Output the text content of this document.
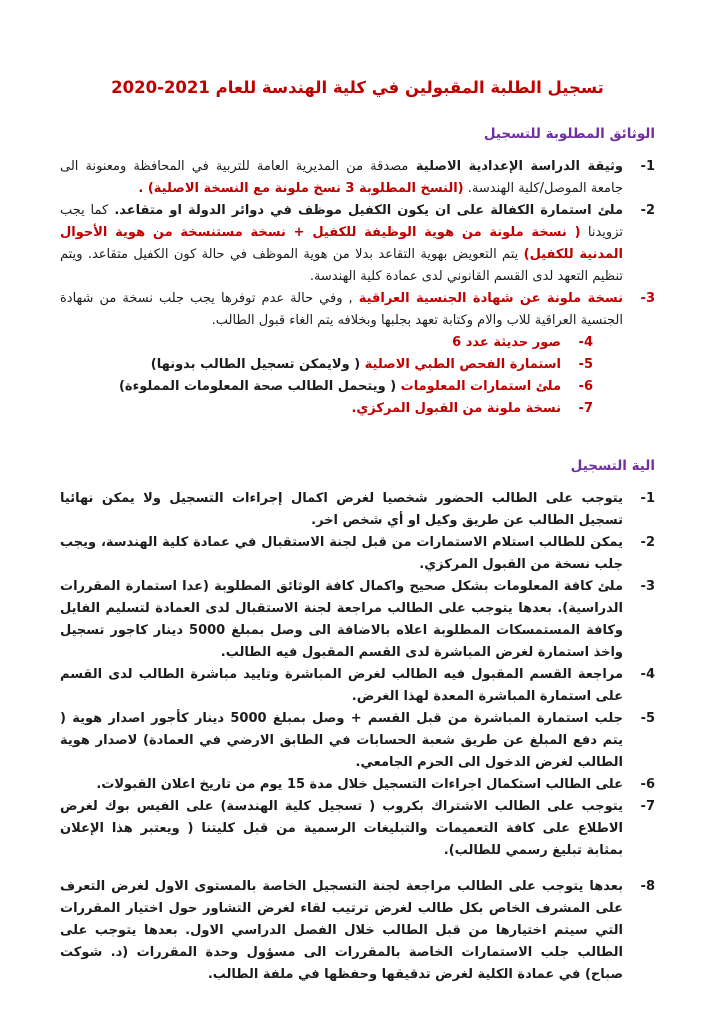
تسجيل الطلبة المقبولين في كلية الهندسة للعام 2021-2020
الوثائق المطلوبة للتسجيل
1-وثيقة الدراسة الإعدادية الاصلية مصدقة من المديرية العامة للتربية في المحافظة ومعنونة الى جامعة الموصل/كلية الهندسة. (النسخ المطلوبة 3 نسخ ملونة مع النسخة الاصلية) .
2-ملئ استمارة الكفالة على ان يكون الكفيل موظف في دوائر الدولة او متقاعد. كما يجب تزويدنا ( نسخة ملونة من هوية الوظيفة للكفيل + نسخة مستنسخة من هوية الأحوال المدنية للكفيل) يتم التعويض بهوية التقاعد بدلا من هوية الموظف في حالة كون الكفيل متقاعد. ويتم تنظيم التعهد لدى القسم القانوني لدى عمادة كلية الهندسة.
3-نسخة ملونة عن شهادة الجنسية العراقية , وفي حالة عدم توفرها يجب جلب نسخة من شهادة الجنسية العراقية للاب والام وكتابة تعهد بجلبها وبخلافه يتم الغاء قبول الطالب.
4-صور حديثة عدد 6
5-استمارة الفحص الطبي الاصلية ( ولايمكن تسجيل الطالب بدونها)
6-ملئ استمارات المعلومات ( ويتحمل الطالب صحة المعلومات المملوءة)
7-نسخة ملونة من القبول المركزي.
الية التسجيل
1-يتوجب على الطالب الحضور شخصيا لغرض اكمال إجراءات التسجيل ولا يمكن نهائيا تسجيل الطالب عن طريق وكيل او أي شخص اخر.
2-يمكن للطالب استلام الاستمارات من قبل لجنة الاستقبال في عمادة كلية الهندسة، ويجب جلب نسخة من القبول المركزي.
3-ملئ كافة المعلومات بشكل صحيح واكمال كافة الوثائق المطلوبة (عدا استمارة المقررات الدراسية). بعدها يتوجب على الطالب مراجعة لجنة الاستقبال لدى العمادة لتسليم الفايل وكافة المستمسكات المطلوبة اعلاه بالاضافة الى وصل بمبلغ 5000 دينار كاجور تسجيل واخذ استمارة لغرض المباشرة لدى القسم المقبول فيه الطالب.
4-مراجعة القسم المقبول فيه الطالب لغرض المباشرة وتاييد مباشرة الطالب لدى القسم على استمارة المباشرة المعدة لهذا الغرض.
5-جلب استمارة المباشرة من قبل القسم + وصل بمبلغ 5000 دينار كأجور اصدار هوية ( يتم دفع المبلغ عن طريق شعبة الحسابات في الطابق الارضي في العمادة) لاصدار هوية الطالب لغرض الدخول الى الحرم الجامعي.
6-على الطالب استكمال اجراءات التسجيل خلال مدة 15 يوم من تاريخ اعلان القبولات.
7-يتوجب على الطالب الاشتراك بكروب ( تسجيل كلية الهندسة) على الفيس بوك لغرض الاطلاع على كافة التعميمات والتبليغات الرسمية من قبل كليتنا ( ويعتبر هذا الإعلان بمثابة تبليغ رسمي للطالب).
8-بعدها يتوجب على الطالب مراجعة لجنة التسجيل الخاصة بالمستوى الاول لغرض التعرف على المشرف الخاص بكل طالب لغرض ترتيب لقاء لغرض التشاور حول اختيار المقررات التي سيتم اختيارها من قبل الطالب خلال الفصل الدراسي الاول. بعدها يتوجب على الطالب جلب الاستمارات الخاصة بالمقررات الى مسؤول وحدة المقررات (د. شوكت صباح) في عمادة الكلية لغرض تدقيقها وحفظها في ملفة الطالب.
